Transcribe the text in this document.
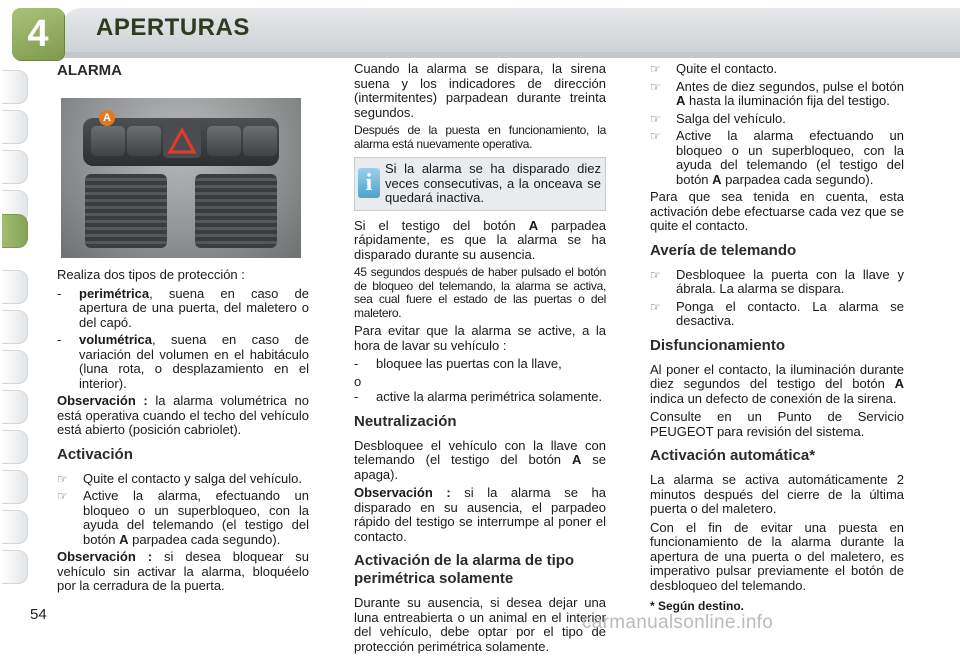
4	APERTURAS
ALARMA
A

Realiza dos tipos de protección :

-	perimétrica, suena en caso de apertura de una puerta, del maletero o del capó.
-	volumétrica, suena en caso de variación del volumen en el habitáculo (luna rota, o desplazamiento en el interior).

Observación : la alarma volumétrica no está operativa cuando el techo del vehículo está abierto (posición cabriolet).

Activación
☞	Quite el contacto y salga del vehículo.
☞	Active la alarma, efectuando un bloqueo o un superbloqueo, con la ayuda del telemando (el testigo del botón A parpadea cada segundo).

Observación : si desea bloquear su vehículo sin activar la alarma, bloquéelo por la cerradura de la puerta.

Cuando la alarma se dispara, la sirena suena y los indicadores de dirección (intermitentes) parpadean durante treinta segundos.

Después de la puesta en funcionamiento, la alarma está nuevamente operativa.

i

Si la alarma se ha disparado diez veces consecutivas, a la onceava se quedará inactiva.

Si el testigo del botón A parpadea rápidamente, es que la alarma se ha disparado durante su ausencia.

45 segundos después de haber pulsado el botón de bloqueo del telemando, la alarma se activa, sea cual fuere el estado de las puertas o del maletero.

Para evitar que la alarma se active, a la hora de lavar su vehículo :

-	bloquee las puertas con la llave,
o
-	active la alarma perimétrica solamente.
Neutralización

Desbloquee el vehículo con la llave con telemando (el testigo del botón A se apaga).

Observación : si la alarma se ha disparado en su ausencia, el parpadeo rápido del testigo se interrumpe al poner el contacto.

Activación de la alarma de tipo perimétrica solamente

Durante su ausencia, si desea dejar una luna entreabierta o un animal en el interior del vehículo, debe optar por el tipo de protección perimétrica solamente.

☞	Quite el contacto.
☞	Antes de diez segundos, pulse el botón A hasta la iluminación fija del testigo.
☞	Salga del vehículo.
☞	Active la alarma efectuando un bloqueo o un superbloqueo, con la ayuda del telemando (el testigo del botón A parpadea cada segundo).

Para que sea tenida en cuenta, esta activación debe efectuarse cada vez que se quite el contacto.

Avería de telemando
☞	Desbloquee la puerta con la llave y ábrala. La alarma se dispara.
☞	Ponga el contacto. La alarma se desactiva.
Disfuncionamiento

Al poner el contacto, la iluminación durante diez segundos del testigo del botón A indica un defecto de conexión de la sirena.

Consulte en un Punto de Servicio PEUGEOT para revisión del sistema.

Activación automática*

La alarma se activa automáticamente 2 minutos después del cierre de la última puerta o del maletero.

Con el fin de evitar una puesta en funcionamiento de la alarma durante la apertura de una puerta o del maletero, es imperativo pulsar previamente el botón de desbloqueo del telemando.

* Según destino.
54	carmanualsonline.info
